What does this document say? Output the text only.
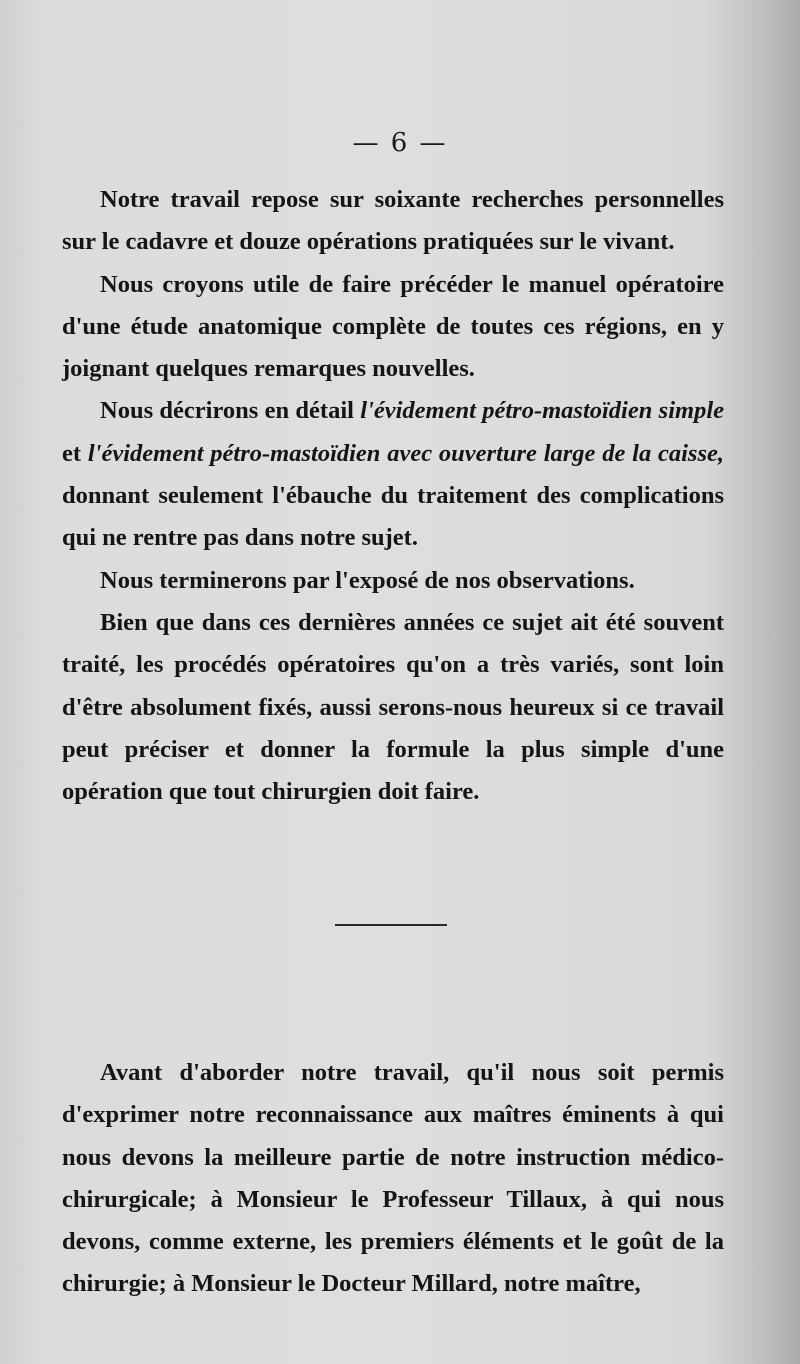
— 6 —

Notre travail repose sur soixante recherches personnelles sur le cadavre et douze opérations pratiquées sur le vivant.

Nous croyons utile de faire précéder le manuel opératoire d'une étude anatomique complète de toutes ces régions, en y joignant quelques remarques nouvelles.

Nous décrirons en détail l'évidement pétro-mastoïdien simple et l'évidement pétro-mastoïdien avec ouverture large de la caisse, donnant seulement l'ébauche du traitement des complications qui ne rentre pas dans notre sujet.

Nous terminerons par l'exposé de nos observations.

Bien que dans ces dernières années ce sujet ait été souvent traité, les procédés opératoires qu'on a très variés, sont loin d'être absolument fixés, aussi serons-nous heureux si ce travail peut préciser et donner la formule la plus simple d'une opération que tout chirurgien doit faire.

Avant d'aborder notre travail, qu'il nous soit permis d'exprimer notre reconnaissance aux maîtres éminents à qui nous devons la meilleure partie de notre instruction médico-chirurgicale; à Monsieur le Professeur Tillaux, à qui nous devons, comme externe, les premiers éléments et le goût de la chirurgie; à Monsieur le Docteur Millard, notre maître,
